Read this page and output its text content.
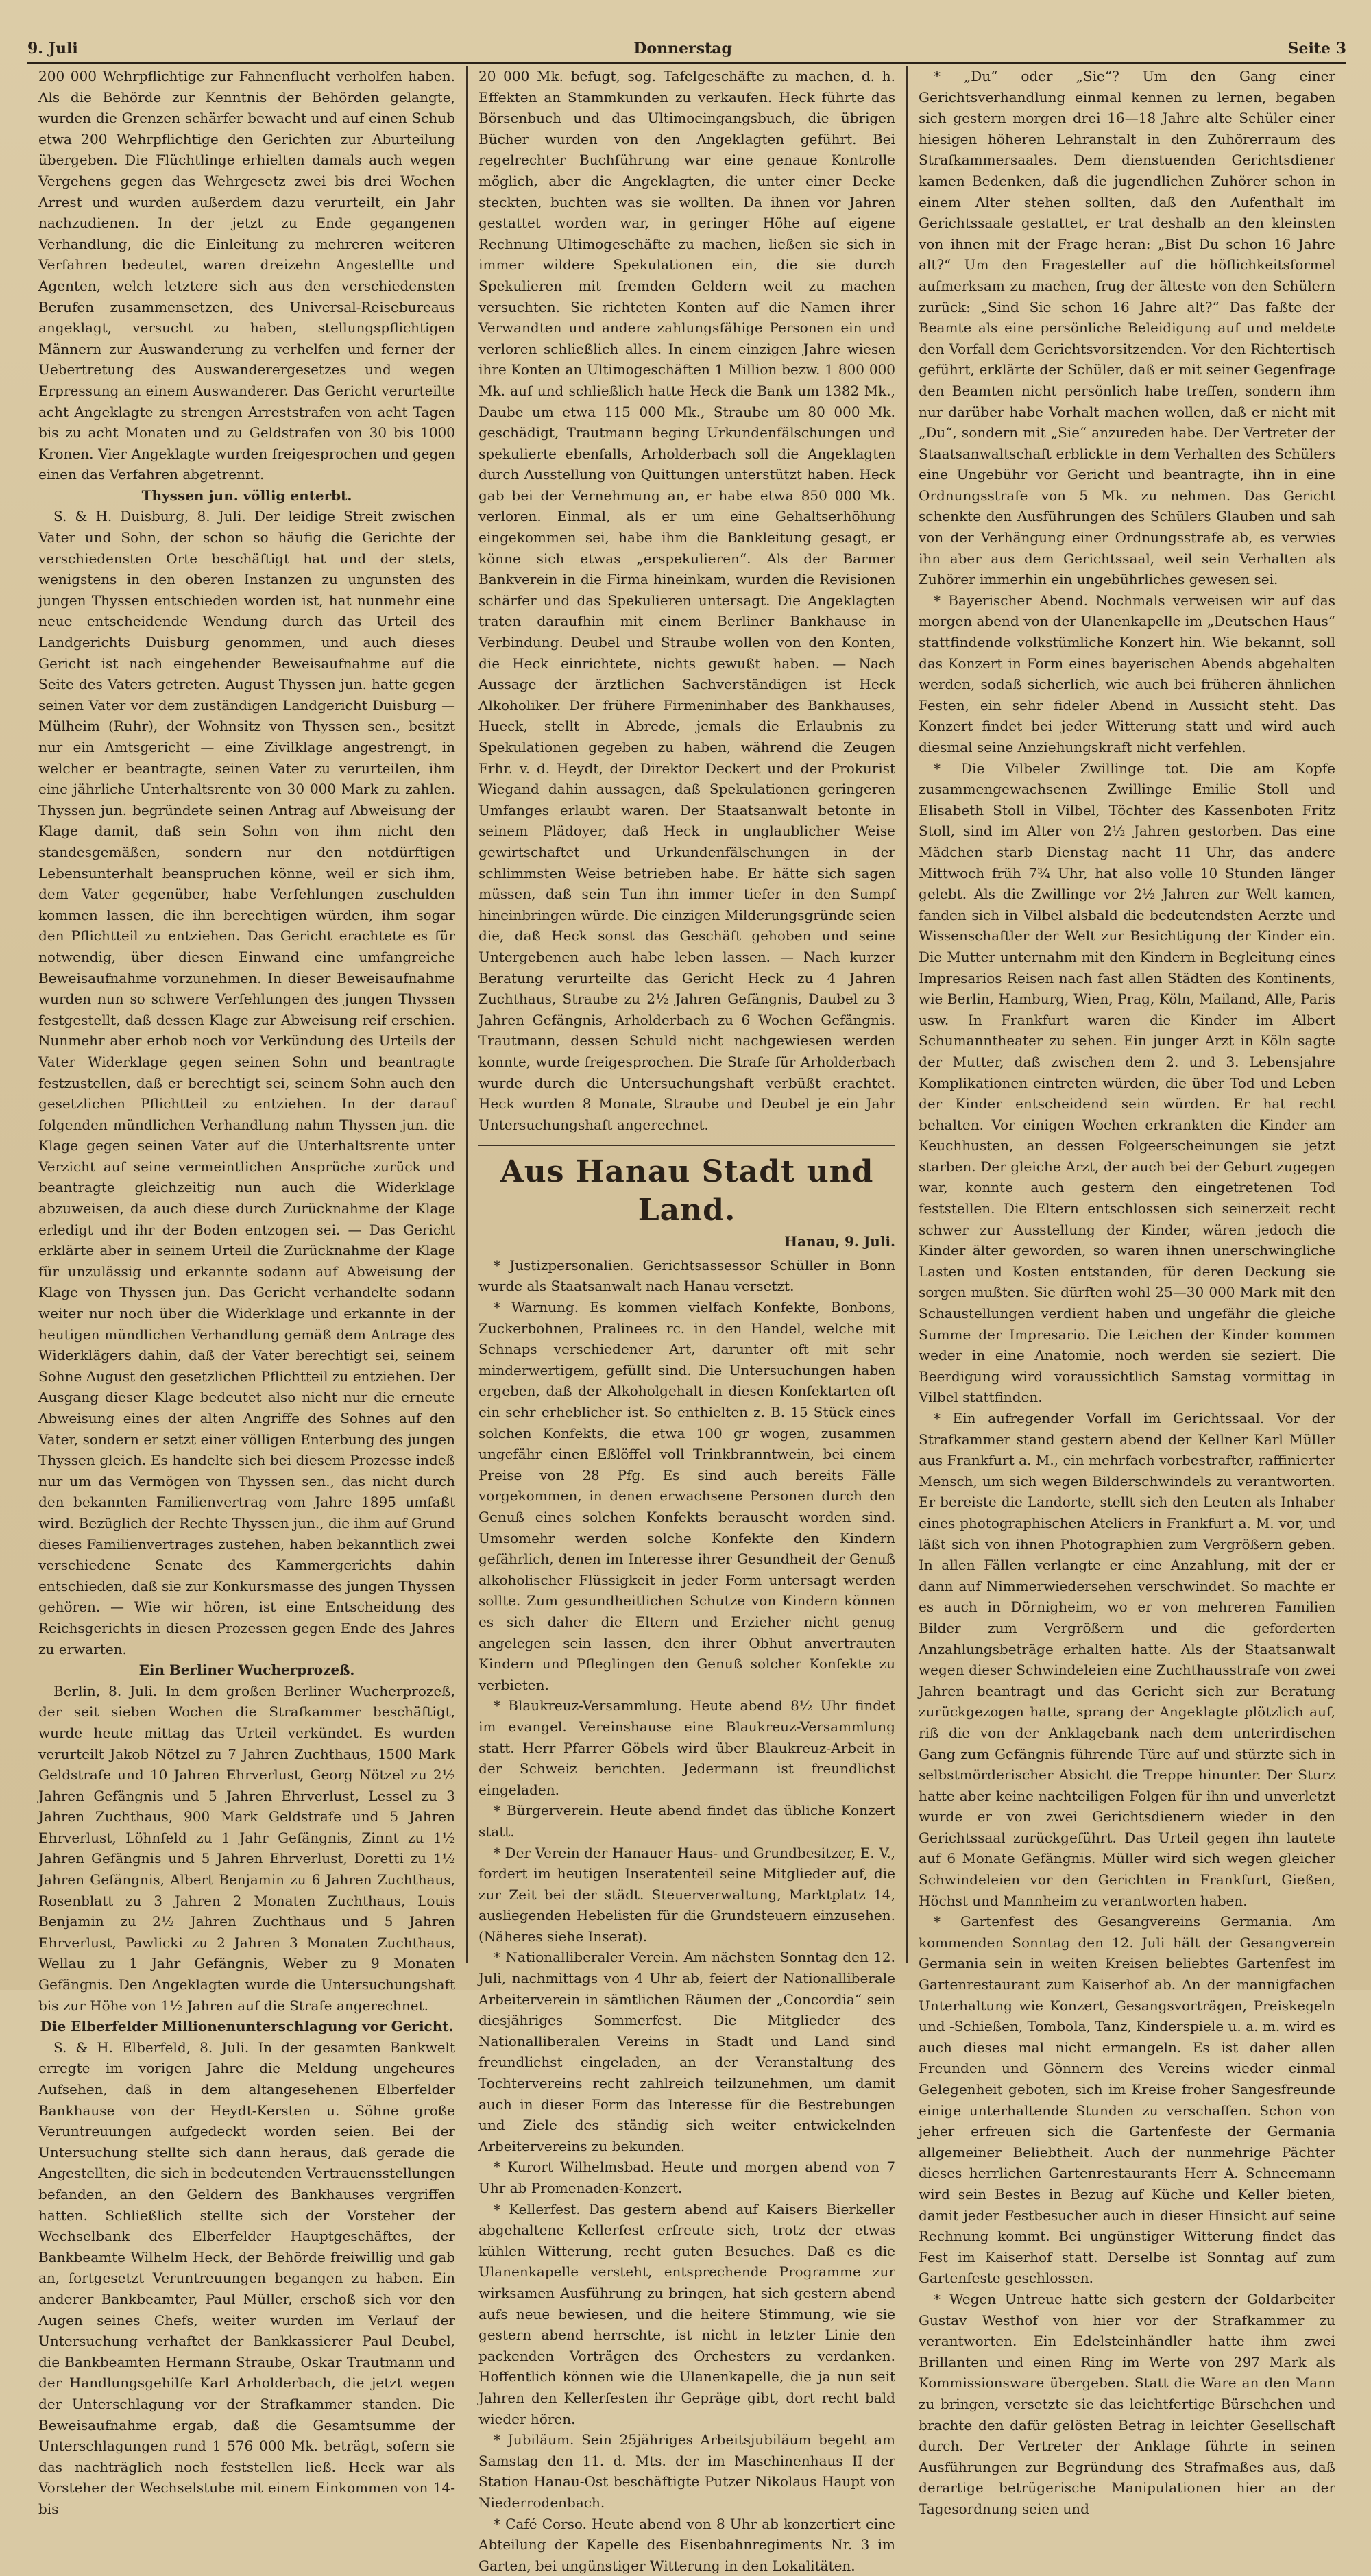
9. Juli	Donnerstag	Seite 3

200 000 Wehrpflichtige zur Fahnenflucht verholfen haben. Als die Behörde zur Kenntnis der Behörden gelangte, wurden die Grenzen schärfer bewacht und auf einen Schub etwa 200 Wehrpflichtige den Gerichten zur Aburteilung übergeben. Die Flüchtlinge erhielten damals auch wegen Vergehens gegen das Wehrgesetz zwei bis drei Wochen Arrest und wurden außerdem dazu verurteilt, ein Jahr nachzudienen. In der jetzt zu Ende gegangenen Verhandlung, die die Einleitung zu mehreren weiteren Verfahren bedeutet, waren dreizehn Angestellte und Agenten, welch letztere sich aus den verschiedensten Berufen zusammensetzen, des Universal-Reisebureaus angeklagt, versucht zu haben, stellungspflichtigen Männern zur Auswanderung zu verhelfen und ferner der Uebertretung des Auswanderergesetzes und wegen Erpressung an einem Auswanderer. Das Gericht verurteilte acht Angeklagte zu strengen Arreststrafen von acht Tagen bis zu acht Monaten und zu Geldstrafen von 30 bis 1000 Kronen. Vier Angeklagte wurden freigesprochen und gegen einen das Verfahren abgetrennt.

Thyssen jun. völlig enterbt.

S. & H. Duisburg, 8. Juli. Der leidige Streit zwischen Vater und Sohn, der schon so häufig die Gerichte der verschiedensten Orte beschäftigt hat und der stets, wenigstens in den oberen Instanzen zu ungunsten des jungen Thyssen entschieden worden ist, hat nunmehr eine neue entscheidende Wendung durch das Urteil des Landgerichts Duisburg genommen, und auch dieses Gericht ist nach eingehender Beweisaufnahme auf die Seite des Vaters getreten. August Thyssen jun. hatte gegen seinen Vater vor dem zuständigen Landgericht Duisburg — Mülheim (Ruhr), der Wohnsitz von Thyssen sen., besitzt nur ein Amtsgericht — eine Zivilklage angestrengt, in welcher er beantragte, seinen Vater zu verurteilen, ihm eine jährliche Unterhaltsrente von 30 000 Mark zu zahlen. Thyssen jun. begründete seinen Antrag auf Abweisung der Klage damit, daß sein Sohn von ihm nicht den standesgemäßen, sondern nur den notdürftigen Lebensunterhalt beanspruchen könne, weil er sich ihm, dem Vater gegenüber, habe Verfehlungen zuschulden kommen lassen, die ihn berechtigen würden, ihm sogar den Pflichtteil zu entziehen. Das Gericht erachtete es für notwendig, über diesen Einwand eine umfangreiche Beweisaufnahme vorzunehmen. In dieser Beweisaufnahme wurden nun so schwere Verfehlungen des jungen Thyssen festgestellt, daß dessen Klage zur Abweisung reif erschien. Nunmehr aber erhob noch vor Verkündung des Urteils der Vater Widerklage gegen seinen Sohn und beantragte festzustellen, daß er berechtigt sei, seinem Sohn auch den gesetzlichen Pflichtteil zu entziehen. In der darauf folgenden mündlichen Verhandlung nahm Thyssen jun. die Klage gegen seinen Vater auf die Unterhaltsrente unter Verzicht auf seine vermeintlichen Ansprüche zurück und beantragte gleichzeitig nun auch die Widerklage abzuweisen, da auch diese durch Zurücknahme der Klage erledigt und ihr der Boden entzogen sei. — Das Gericht erklärte aber in seinem Urteil die Zurücknahme der Klage für unzulässig und erkannte sodann auf Abweisung der Klage von Thyssen jun. Das Gericht verhandelte sodann weiter nur noch über die Widerklage und erkannte in der heutigen mündlichen Verhandlung gemäß dem Antrage des Widerklägers dahin, daß der Vater berechtigt sei, seinem Sohne August den gesetzlichen Pflichtteil zu entziehen. Der Ausgang dieser Klage bedeutet also nicht nur die erneute Abweisung eines der alten Angriffe des Sohnes auf den Vater, sondern er setzt einer völligen Enterbung des jungen Thyssen gleich. Es handelte sich bei diesem Prozesse indeß nur um das Vermögen von Thyssen sen., das nicht durch den bekannten Familienvertrag vom Jahre 1895 umfaßt wird. Bezüglich der Rechte Thyssen jun., die ihm auf Grund dieses Familienvertrages zustehen, haben bekanntlich zwei verschiedene Senate des Kammergerichts dahin entschieden, daß sie zur Konkursmasse des jungen Thyssen gehören. — Wie wir hören, ist eine Entscheidung des Reichsgerichts in diesen Prozessen gegen Ende des Jahres zu erwarten.

Ein Berliner Wucherprozeß.

Berlin, 8. Juli. In dem großen Berliner Wucherprozeß, der seit sieben Wochen die Strafkammer beschäftigt, wurde heute mittag das Urteil verkündet. Es wurden verurteilt Jakob Nötzel zu 7 Jahren Zuchthaus, 1500 Mark Geldstrafe und 10 Jahren Ehrverlust, Georg Nötzel zu 2½ Jahren Gefängnis und 5 Jahren Ehrverlust, Lessel zu 3 Jahren Zuchthaus, 900 Mark Geldstrafe und 5 Jahren Ehrverlust, Löhnfeld zu 1 Jahr Gefängnis, Zinnt zu 1½ Jahren Gefängnis und 5 Jahren Ehrverlust, Doretti zu 1½ Jahren Gefängnis, Albert Benjamin zu 6 Jahren Zuchthaus, Rosenblatt zu 3 Jahren 2 Monaten Zuchthaus, Louis Benjamin zu 2½ Jahren Zuchthaus und 5 Jahren Ehrverlust, Pawlicki zu 2 Jahren 3 Monaten Zuchthaus, Wellau zu 1 Jahr Gefängnis, Weber zu 9 Monaten Gefängnis. Den Angeklagten wurde die Untersuchungshaft bis zur Höhe von 1½ Jahren auf die Strafe angerechnet.

Die Elberfelder Millionenunterschlagung vor Gericht.

S. & H. Elberfeld, 8. Juli. In der gesamten Bankwelt erregte im vorigen Jahre die Meldung ungeheures Aufsehen, daß in dem altangesehenen Elberfelder Bankhause von der Heydt-Kersten u. Söhne große Veruntreuungen aufgedeckt worden seien. Bei der Untersuchung stellte sich dann heraus, daß gerade die Angestellten, die sich in bedeutenden Vertrauensstellungen befanden, an den Geldern des Bankhauses vergriffen hatten. Schließlich stellte sich der Vorsteher der Wechselbank des Elberfelder Hauptgeschäftes, der Bankbeamte Wilhelm Heck, der Behörde freiwillig und gab an, fortgesetzt Veruntreuungen begangen zu haben. Ein anderer Bankbeamter, Paul Müller, erschoß sich vor den Augen seines Chefs, weiter wurden im Verlauf der Untersuchung verhaftet der Bankkassierer Paul Deubel, die Bankbeamten Hermann Straube, Oskar Trautmann und der Handlungsgehilfe Karl Arholderbach, die jetzt wegen der Unterschlagung vor der Strafkammer standen. Die Beweisaufnahme ergab, daß die Gesamtsumme der Unterschlagungen rund 1 576 000 Mk. beträgt, sofern sie das nachträglich noch feststellen ließ. Heck war als Vorsteher der Wechselstube mit einem Einkommen von 14- bis

20 000 Mk. befugt, sog. Tafelgeschäfte zu machen, d. h. Effekten an Stammkunden zu verkaufen. Heck führte das Börsenbuch und das Ultimoeingangsbuch, die übrigen Bücher wurden von den Angeklagten geführt. Bei regelrechter Buchführung war eine genaue Kontrolle möglich, aber die Angeklagten, die unter einer Decke steckten, buchten was sie wollten. Da ihnen vor Jahren gestattet worden war, in geringer Höhe auf eigene Rechnung Ultimogeschäfte zu machen, ließen sie sich in immer wildere Spekulationen ein, die sie durch Spekulieren mit fremden Geldern weit zu machen versuchten. Sie richteten Konten auf die Namen ihrer Verwandten und andere zahlungsfähige Personen ein und verloren schließlich alles. In einem einzigen Jahre wiesen ihre Konten an Ultimogeschäften 1 Million bezw. 1 800 000 Mk. auf und schließlich hatte Heck die Bank um 1382 Mk., Daube um etwa 115 000 Mk., Straube um 80 000 Mk. geschädigt, Trautmann beging Urkundenfälschungen und spekulierte ebenfalls, Arholderbach soll die Angeklagten durch Ausstellung von Quittungen unterstützt haben. Heck gab bei der Vernehmung an, er habe etwa 850 000 Mk. verloren. Einmal, als er um eine Gehaltserhöhung eingekommen sei, habe ihm die Bankleitung gesagt, er könne sich etwas „erspekulieren“. Als der Barmer Bankverein in die Firma hineinkam, wurden die Revisionen schärfer und das Spekulieren untersagt. Die Angeklagten traten daraufhin mit einem Berliner Bankhause in Verbindung. Deubel und Straube wollen von den Konten, die Heck einrichtete, nichts gewußt haben. — Nach Aussage der ärztlichen Sachverständigen ist Heck Alkoholiker. Der frühere Firmeninhaber des Bankhauses, Hueck, stellt in Abrede, jemals die Erlaubnis zu Spekulationen gegeben zu haben, während die Zeugen Frhr. v. d. Heydt, der Direktor Deckert und der Prokurist Wiegand dahin aussagen, daß Spekulationen geringeren Umfanges erlaubt waren. Der Staatsanwalt betonte in seinem Plädoyer, daß Heck in unglaublicher Weise gewirtschaftet und Urkundenfälschungen in der schlimmsten Weise betrieben habe. Er hätte sich sagen müssen, daß sein Tun ihn immer tiefer in den Sumpf hineinbringen würde. Die einzigen Milderungsgründe seien die, daß Heck sonst das Geschäft gehoben und seine Untergebenen auch habe leben lassen. — Nach kurzer Beratung verurteilte das Gericht Heck zu 4 Jahren Zuchthaus, Straube zu 2½ Jahren Gefängnis, Daubel zu 3 Jahren Gefängnis, Arholderbach zu 6 Wochen Gefängnis. Trautmann, dessen Schuld nicht nachgewiesen werden konnte, wurde freigesprochen. Die Strafe für Arholderbach wurde durch die Untersuchungshaft verbüßt erachtet. Heck wurden 8 Monate, Straube und Deubel je ein Jahr Untersuchungshaft angerechnet.

Aus Hanau Stadt und Land.
Hanau, 9. Juli.

* Justizpersonalien. Gerichtsassessor Schüller in Bonn wurde als Staatsanwalt nach Hanau versetzt.

* Warnung. Es kommen vielfach Konfekte, Bonbons, Zuckerbohnen, Pralinees rc. in den Handel, welche mit Schnaps verschiedener Art, darunter oft mit sehr minderwertigem, gefüllt sind. Die Untersuchungen haben ergeben, daß der Alkoholgehalt in diesen Konfektarten oft ein sehr erheblicher ist. So enthielten z. B. 15 Stück eines solchen Konfekts, die etwa 100 gr wogen, zusammen ungefähr einen Eßlöffel voll Trinkbranntwein, bei einem Preise von 28 Pfg. Es sind auch bereits Fälle vorgekommen, in denen erwachsene Personen durch den Genuß eines solchen Konfekts berauscht worden sind. Umsomehr werden solche Konfekte den Kindern gefährlich, denen im Interesse ihrer Gesundheit der Genuß alkoholischer Flüssigkeit in jeder Form untersagt werden sollte. Zum gesundheitlichen Schutze von Kindern können es sich daher die Eltern und Erzieher nicht genug angelegen sein lassen, den ihrer Obhut anvertrauten Kindern und Pfleglingen den Genuß solcher Konfekte zu verbieten.

* Blaukreuz-Versammlung. Heute abend 8½ Uhr findet im evangel. Vereinshause eine Blaukreuz-Versammlung statt. Herr Pfarrer Göbels wird über Blaukreuz-Arbeit in der Schweiz berichten. Jedermann ist freundlichst eingeladen.

* Bürgerverein. Heute abend findet das übliche Konzert statt.

* Der Verein der Hanauer Haus- und Grundbesitzer, E. V., fordert im heutigen Inseratenteil seine Mitglieder auf, die zur Zeit bei der städt. Steuerverwaltung, Marktplatz 14, ausliegenden Hebelisten für die Grundsteuern einzusehen. (Näheres siehe Inserat).

* Nationalliberaler Verein. Am nächsten Sonntag den 12. Juli, nachmittags von 4 Uhr ab, feiert der Nationalliberale Arbeiterverein in sämtlichen Räumen der „Concordia“ sein diesjähriges Sommerfest. Die Mitglieder des Nationalliberalen Vereins in Stadt und Land sind freundlichst eingeladen, an der Veranstaltung des Tochtervereins recht zahlreich teilzunehmen, um damit auch in dieser Form das Interesse für die Bestrebungen und Ziele des ständig sich weiter entwickelnden Arbeitervereins zu bekunden.

* Kurort Wilhelmsbad. Heute und morgen abend von 7 Uhr ab Promenaden-Konzert.

* Kellerfest. Das gestern abend auf Kaisers Bierkeller abgehaltene Kellerfest erfreute sich, trotz der etwas kühlen Witterung, recht guten Besuches. Daß es die Ulanenkapelle versteht, entsprechende Programme zur wirksamen Ausführung zu bringen, hat sich gestern abend aufs neue bewiesen, und die heitere Stimmung, wie sie gestern abend herrschte, ist nicht in letzter Linie den packenden Vorträgen des Orchesters zu verdanken. Hoffentlich können wie die Ulanenkapelle, die ja nun seit Jahren den Kellerfesten ihr Gepräge gibt, dort recht bald wieder hören.

* Jubiläum. Sein 25jähriges Arbeitsjubiläum begeht am Samstag den 11. d. Mts. der im Maschinenhaus II der Station Hanau-Ost beschäftigte Putzer Nikolaus Haupt von Niederrodenbach.

* Café Corso. Heute abend von 8 Uhr ab konzertiert eine Abteilung der Kapelle des Eisenbahnregiments Nr. 3 im Garten, bei ungünstiger Witterung in den Lokalitäten.

* „Du“ oder „Sie“? Um den Gang einer Gerichtsverhandlung einmal kennen zu lernen, begaben sich gestern morgen drei 16—18 Jahre alte Schüler einer hiesigen höheren Lehranstalt in den Zuhörerraum des Strafkammersaales. Dem dienstuenden Gerichtsdiener kamen Bedenken, daß die jugendlichen Zuhörer schon in einem Alter stehen sollten, daß den Aufenthalt im Gerichtssaale gestattet, er trat deshalb an den kleinsten von ihnen mit der Frage heran: „Bist Du schon 16 Jahre alt?“ Um den Fragesteller auf die höflichkeitsformel aufmerksam zu machen, frug der älteste von den Schülern zurück: „Sind Sie schon 16 Jahre alt?“ Das faßte der Beamte als eine persönliche Beleidigung auf und meldete den Vorfall dem Gerichtsvorsitzenden. Vor den Richtertisch geführt, erklärte der Schüler, daß er mit seiner Gegenfrage den Beamten nicht persönlich habe treffen, sondern ihm nur darüber habe Vorhalt machen wollen, daß er nicht mit „Du“, sondern mit „Sie“ anzureden habe. Der Vertreter der Staatsanwaltschaft erblickte in dem Verhalten des Schülers eine Ungebühr vor Gericht und beantragte, ihn in eine Ordnungsstrafe von 5 Mk. zu nehmen. Das Gericht schenkte den Ausführungen des Schülers Glauben und sah von der Verhängung einer Ordnungsstrafe ab, es verwies ihn aber aus dem Gerichtssaal, weil sein Verhalten als Zuhörer immerhin ein ungebührliches gewesen sei.

* Bayerischer Abend. Nochmals verweisen wir auf das morgen abend von der Ulanenkapelle im „Deutschen Haus“ stattfindende volkstümliche Konzert hin. Wie bekannt, soll das Konzert in Form eines bayerischen Abends abgehalten werden, sodaß sicherlich, wie auch bei früheren ähnlichen Festen, ein sehr fideler Abend in Aussicht steht. Das Konzert findet bei jeder Witterung statt und wird auch diesmal seine Anziehungskraft nicht verfehlen.

* Die Vilbeler Zwillinge tot. Die am Kopfe zusammengewachsenen Zwillinge Emilie Stoll und Elisabeth Stoll in Vilbel, Töchter des Kassenboten Fritz Stoll, sind im Alter von 2½ Jahren gestorben. Das eine Mädchen starb Dienstag nacht 11 Uhr, das andere Mittwoch früh 7¾ Uhr, hat also volle 10 Stunden länger gelebt. Als die Zwillinge vor 2½ Jahren zur Welt kamen, fanden sich in Vilbel alsbald die bedeutendsten Aerzte und Wissenschaftler der Welt zur Besichtigung der Kinder ein. Die Mutter unternahm mit den Kindern in Begleitung eines Impresarios Reisen nach fast allen Städten des Kontinents, wie Berlin, Hamburg, Wien, Prag, Köln, Mailand, Alle, Paris usw. In Frankfurt waren die Kinder im Albert Schumanntheater zu sehen. Ein junger Arzt in Köln sagte der Mutter, daß zwischen dem 2. und 3. Lebensjahre Komplikationen eintreten würden, die über Tod und Leben der Kinder entscheidend sein würden. Er hat recht behalten. Vor einigen Wochen erkrankten die Kinder am Keuchhusten, an dessen Folgeerscheinungen sie jetzt starben. Der gleiche Arzt, der auch bei der Geburt zugegen war, konnte auch gestern den eingetretenen Tod feststellen. Die Eltern entschlossen sich seinerzeit recht schwer zur Ausstellung der Kinder, wären jedoch die Kinder älter geworden, so waren ihnen unerschwingliche Lasten und Kosten entstanden, für deren Deckung sie sorgen mußten. Sie dürften wohl 25—30 000 Mark mit den Schaustellungen verdient haben und ungefähr die gleiche Summe der Impresario. Die Leichen der Kinder kommen weder in eine Anatomie, noch werden sie seziert. Die Beerdigung wird voraussichtlich Samstag vormittag in Vilbel stattfinden.

* Ein aufregender Vorfall im Gerichtssaal. Vor der Strafkammer stand gestern abend der Kellner Karl Müller aus Frankfurt a. M., ein mehrfach vorbestrafter, raffinierter Mensch, um sich wegen Bilderschwindels zu verantworten. Er bereiste die Landorte, stellt sich den Leuten als Inhaber eines photographischen Ateliers in Frankfurt a. M. vor, und läßt sich von ihnen Photographien zum Vergrößern geben. In allen Fällen verlangte er eine Anzahlung, mit der er dann auf Nimmerwiedersehen verschwindet. So machte er es auch in Dörnigheim, wo er von mehreren Familien Bilder zum Vergrößern und die geforderten Anzahlungsbeträge erhalten hatte. Als der Staatsanwalt wegen dieser Schwindeleien eine Zuchthausstrafe von zwei Jahren beantragt und das Gericht sich zur Beratung zurückgezogen hatte, sprang der Angeklagte plötzlich auf, riß die von der Anklagebank nach dem unterirdischen Gang zum Gefängnis führende Türe auf und stürzte sich in selbstmörderischer Absicht die Treppe hinunter. Der Sturz hatte aber keine nachteiligen Folgen für ihn und unverletzt wurde er von zwei Gerichtsdienern wieder in den Gerichtssaal zurückgeführt. Das Urteil gegen ihn lautete auf 6 Monate Gefängnis. Müller wird sich wegen gleicher Schwindeleien vor den Gerichten in Frankfurt, Gießen, Höchst und Mannheim zu verantworten haben.

* Gartenfest des Gesangvereins Germania. Am kommenden Sonntag den 12. Juli hält der Gesangverein Germania sein in weiten Kreisen beliebtes Gartenfest im Gartenrestaurant zum Kaiserhof ab. An der mannigfachen Unterhaltung wie Konzert, Gesangsvorträgen, Preiskegeln und -Schießen, Tombola, Tanz, Kinderspiele u. a. m. wird es auch dieses mal nicht ermangeln. Es ist daher allen Freunden und Gönnern des Vereins wieder einmal Gelegenheit geboten, sich im Kreise froher Sangesfreunde einige unterhaltende Stunden zu verschaffen. Schon von jeher erfreuen sich die Gartenfeste der Germania allgemeiner Beliebtheit. Auch der nunmehrige Pächter dieses herrlichen Gartenrestaurants Herr A. Schneemann wird sein Bestes in Bezug auf Küche und Keller bieten, damit jeder Festbesucher auch in dieser Hinsicht auf seine Rechnung kommt. Bei ungünstiger Witterung findet das Fest im Kaiserhof statt. Derselbe ist Sonntag auf zum Gartenfeste geschlossen.

* Wegen Untreue hatte sich gestern der Goldarbeiter Gustav Westhof von hier vor der Strafkammer zu verantworten. Ein Edelsteinhändler hatte ihm zwei Brillanten und einen Ring im Werte von 297 Mark als Kommissionsware übergeben. Statt die Ware an den Mann zu bringen, versetzte sie das leichtfertige Bürschchen und brachte den dafür gelösten Betrag in leichter Gesellschaft durch. Der Vertreter der Anklage führte in seinen Ausführungen zur Begründung des Strafmaßes aus, daß derartige betrügerische Manipulationen hier an der Tagesordnung seien und
